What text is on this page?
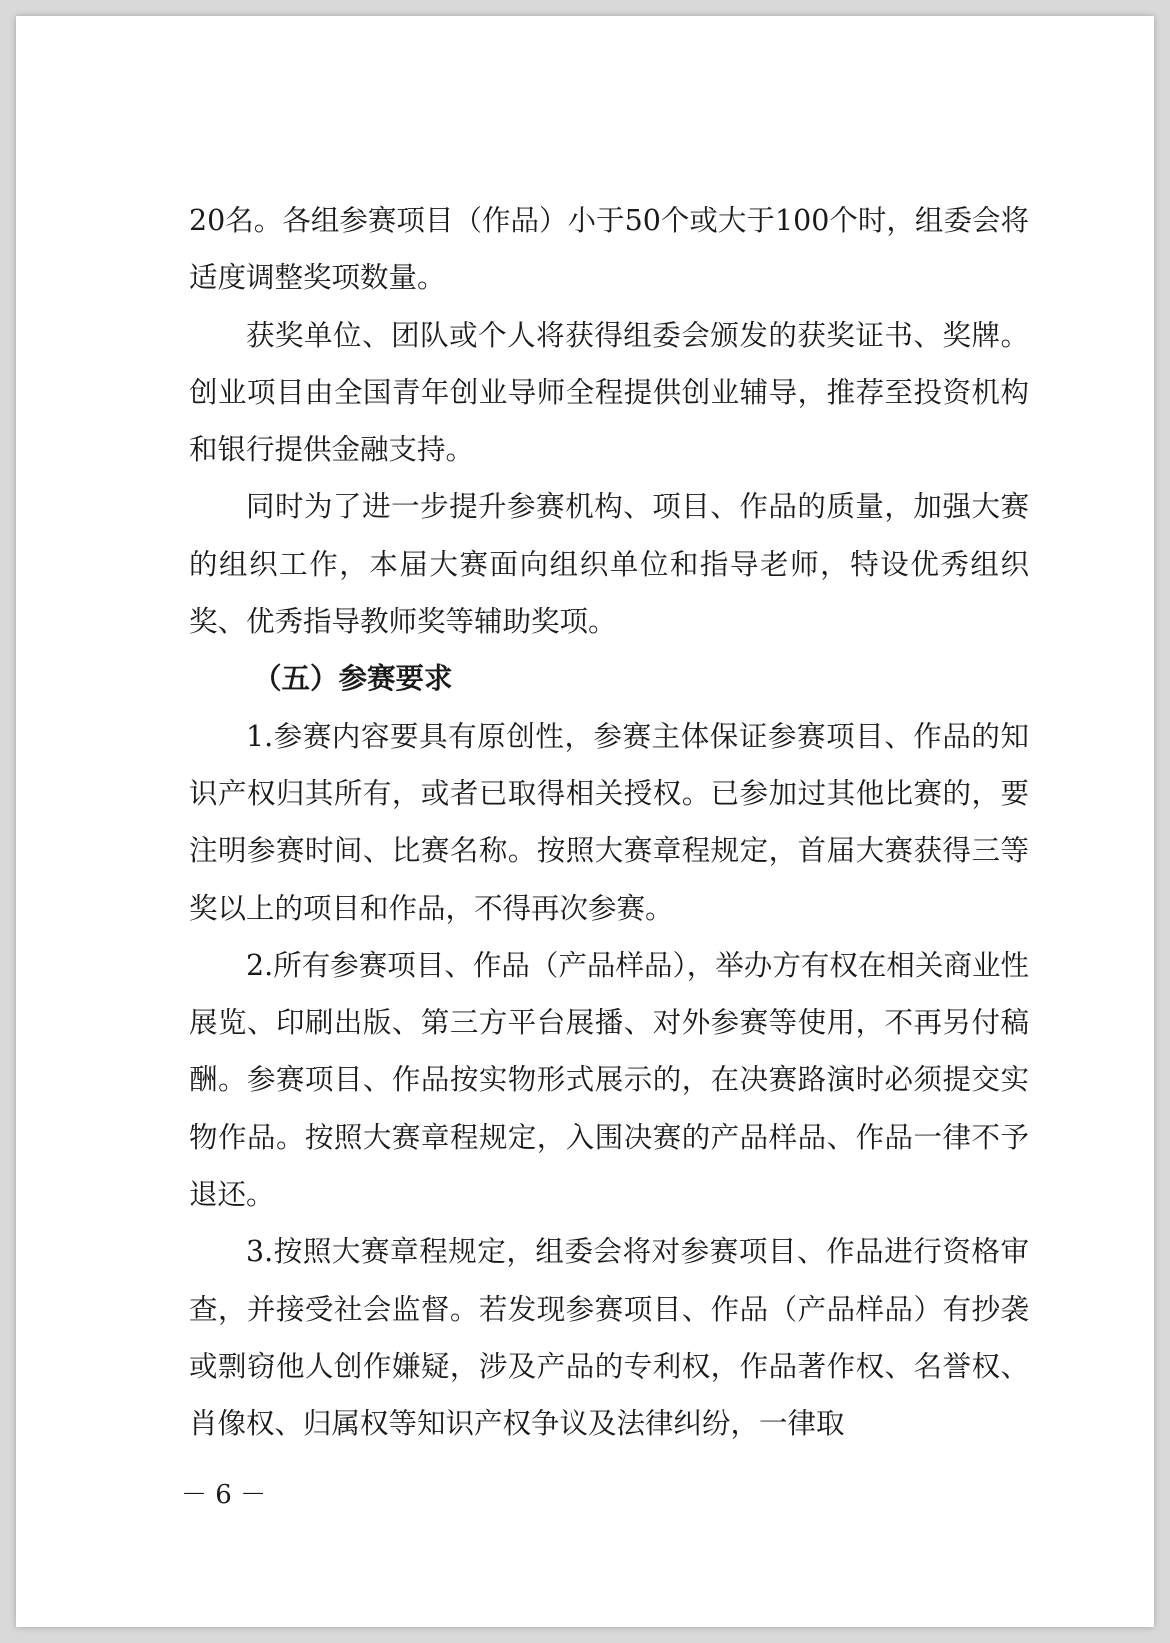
20名。各组参赛项目（作品）小于50个或大于100个时，组委会将适度调整奖项数量。

获奖单位、团队或个人将获得组委会颁发的获奖证书、奖牌。创业项目由全国青年创业导师全程提供创业辅导，推荐至投资机构和银行提供金融支持。

同时为了进一步提升参赛机构、项目、作品的质量，加强大赛的组织工作，本届大赛面向组织单位和指导老师，特设优秀组织奖、优秀指导教师奖等辅助奖项。

（五）参赛要求

1.参赛内容要具有原创性，参赛主体保证参赛项目、作品的知识产权归其所有，或者已取得相关授权。已参加过其他比赛的，要注明参赛时间、比赛名称。按照大赛章程规定，首届大赛获得三等奖以上的项目和作品，不得再次参赛。

2.所有参赛项目、作品（产品样品），举办方有权在相关商业性展览、印刷出版、第三方平台展播、对外参赛等使用，不再另付稿酬。参赛项目、作品按实物形式展示的，在决赛路演时必须提交实物作品。按照大赛章程规定，入围决赛的产品样品、作品一律不予退还。

3.按照大赛章程规定，组委会将对参赛项目、作品进行资格审查，并接受社会监督。若发现参赛项目、作品（产品样品）有抄袭或剽窃他人创作嫌疑，涉及产品的专利权，作品著作权、名誉权、肖像权、归属权等知识产权争议及法律纠纷，一律取

－ 6 －
